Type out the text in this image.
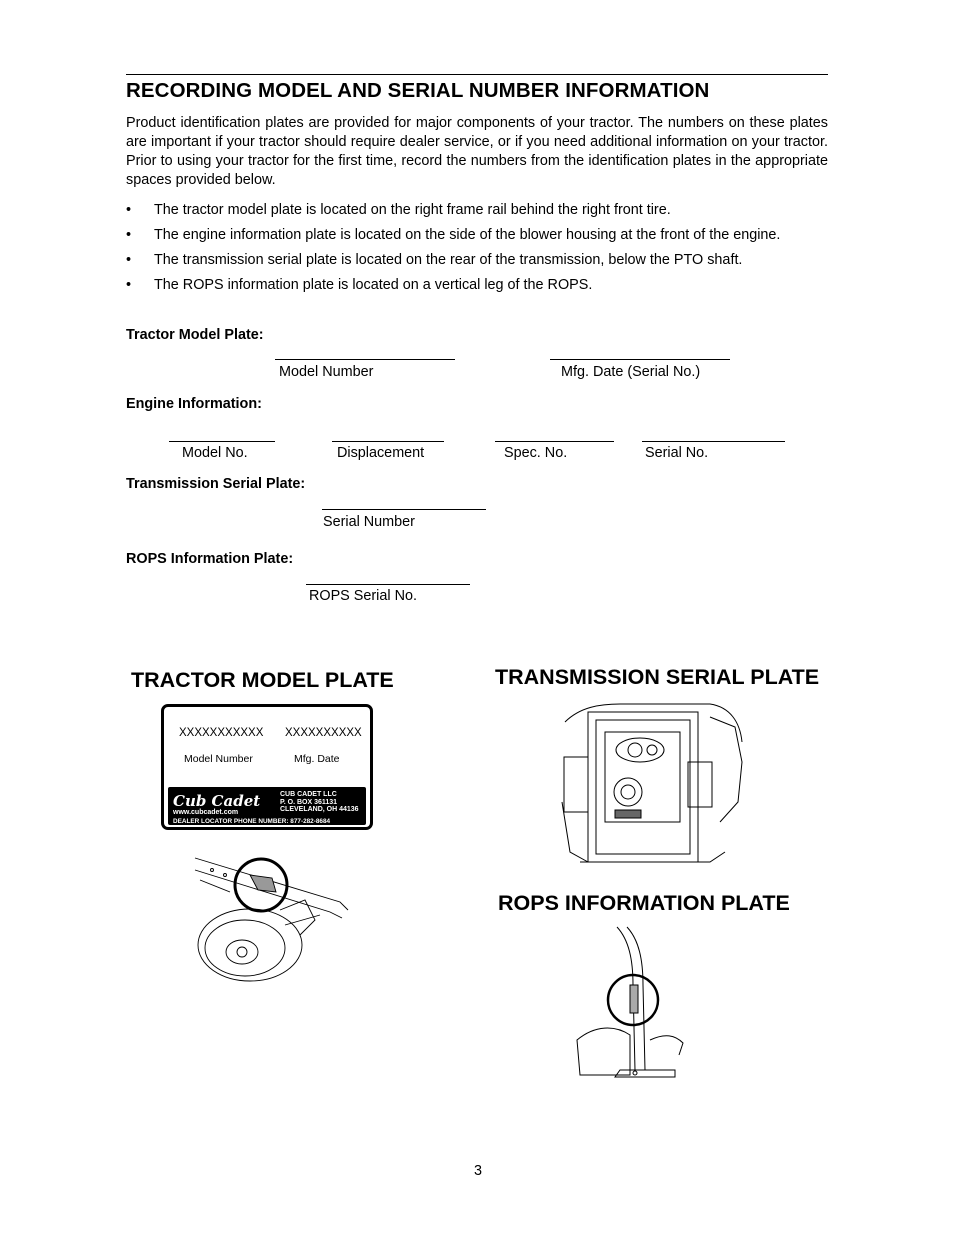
RECORDING MODEL AND SERIAL NUMBER INFORMATION

Product identification plates are provided for major components of your tractor. The numbers on these plates are important if your tractor should require dealer service, or if you need additional information on your tractor. Prior to using your tractor for the first time, record the numbers from the identification plates in the appropriate spaces provided below.

• The tractor model plate is located on the right frame rail behind the right front tire.
• The engine information plate is located on the side of the blower housing at the front of the engine.
• The transmission serial plate is located on the rear of the transmission, below the PTO shaft.
• The ROPS information plate is located on a vertical leg of the ROPS.
Tractor Model Plate:
Model Number	Mfg. Date (Serial No.)
Engine Information:
Model No.	Displacement	Spec. No.	Serial No.
Transmission Serial Plate:
Serial Number
ROPS Information Plate:
ROPS Serial No.
TRACTOR MODEL PLATE	TRANSMISSION SERIAL PLATE
ROPS INFORMATION PLATE
XXXXXXXXXXX XXXXXXXXXX
Model Number	Mfg. Date
Cub Cadet
www.cubcadet.com
CUB CADET LLC
P. O. BOX 361131
CLEVELAND, OH 44136
DEALER LOCATOR PHONE NUMBER: 877-282-8684
3
